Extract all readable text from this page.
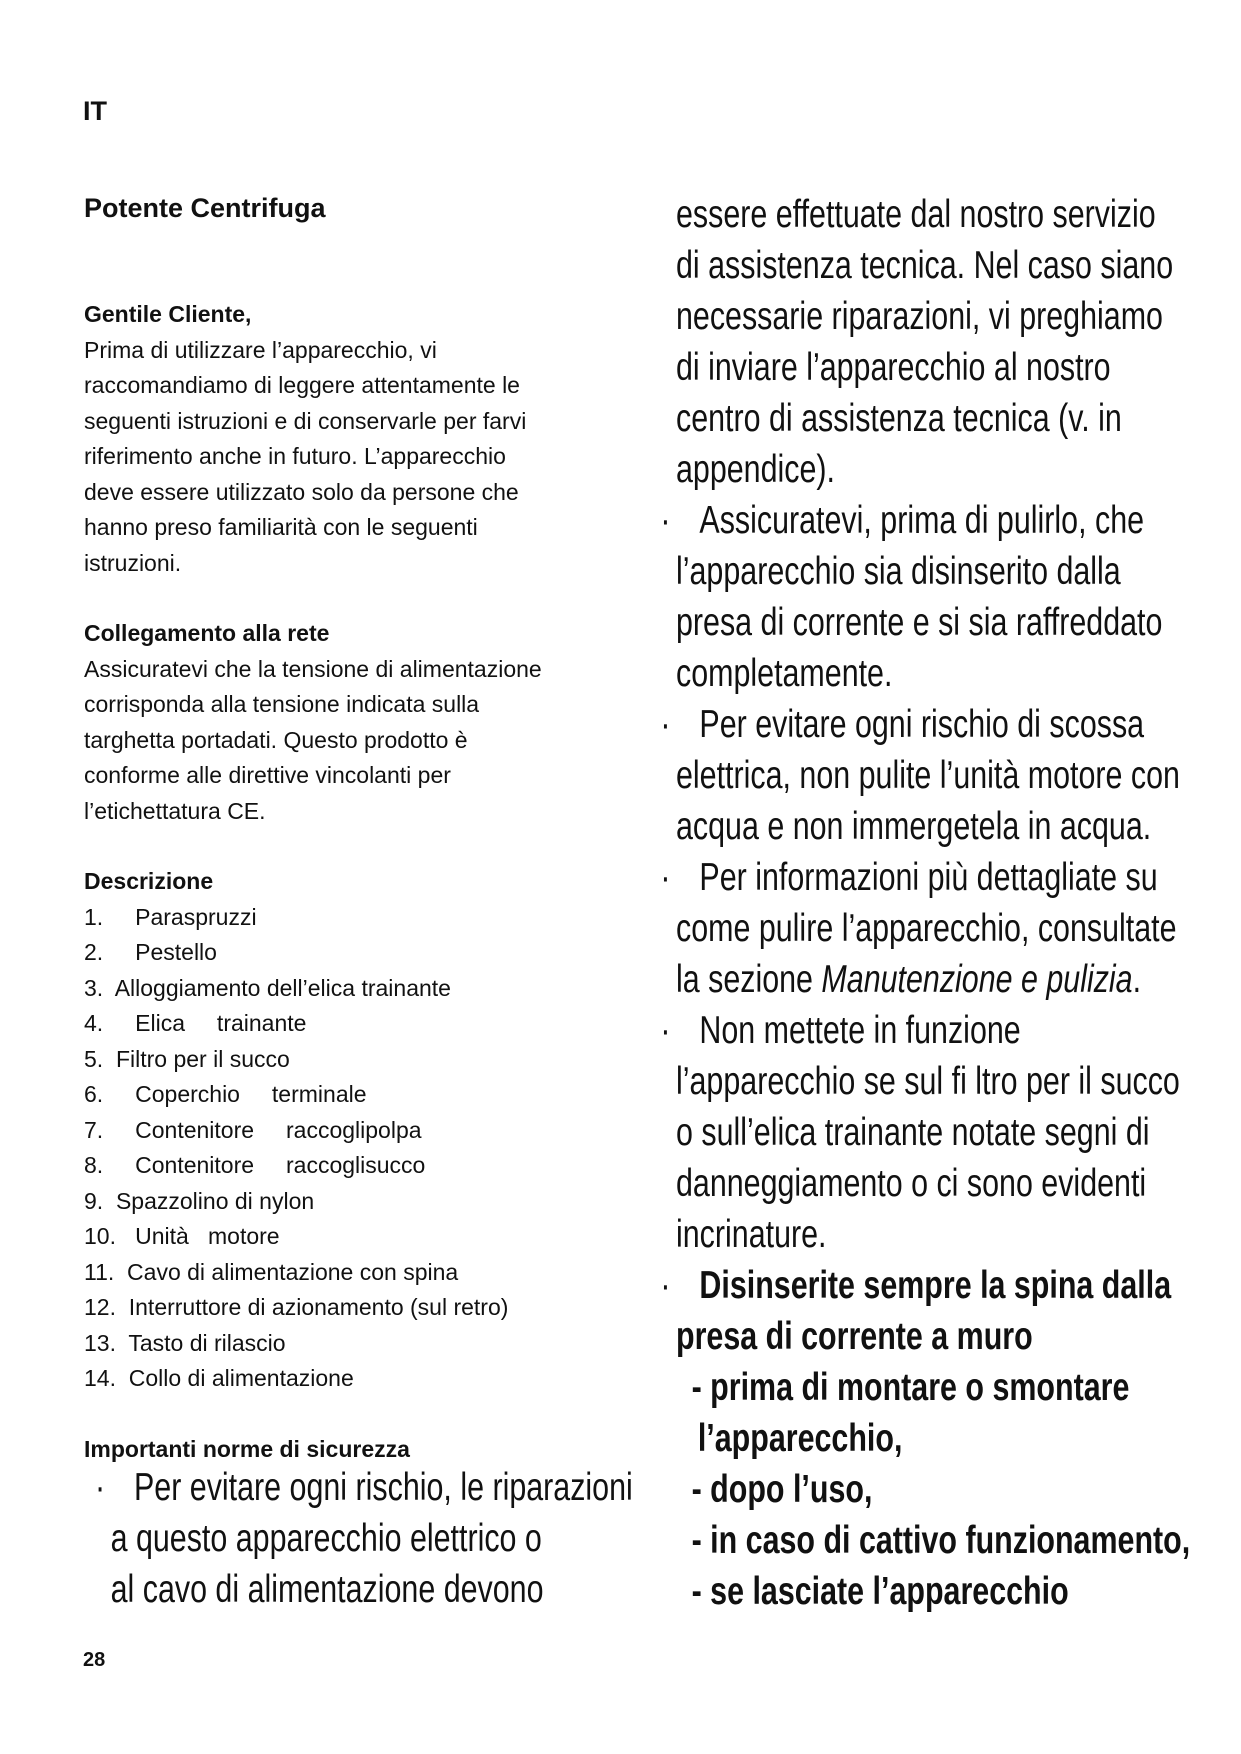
IT
Potente Centrifuga
Gentile Cliente,

Prima di utilizzare l’apparecchio, vi

raccomandiamo di leggere attentamente le

seguenti istruzioni e di conservarle per farvi

riferimento anche in futuro. L’apparecchio

deve essere utilizzato solo da persone che

hanno preso familiarità con le seguenti

istruzioni.

Collegamento alla rete

Assicuratevi che la tensione di alimentazione

corrisponda alla tensione indicata sulla

targhetta portadati. Questo prodotto è

conforme alle direttive vincolanti per

l’etichettatura CE.

Descrizione

1.     Paraspruzzi

2.     Pestello

3.  Alloggiamento dell’elica trainante

4.     Elica     trainante

5.  Filtro per il succo

6.     Coperchio     terminale

7.     Contenitore     raccoglipolpa

8.     Contenitore     raccoglisucco

9.  Spazzolino di nylon

10.   Unità   motore

11.  Cavo di alimentazione con spina

12.  Interruttore di azionamento (sul retro)

13.  Tasto di rilascio

14.  Collo di alimentazione

Importanti norme di sicurezza
· Per evitare ogni rischio, le riparazioni
a questo apparecchio elettrico o
al cavo di alimentazione devono

essere effettuate dal nostro servizio

di assistenza tecnica. Nel caso siano

necessarie riparazioni, vi preghiamo

di inviare l’apparecchio al nostro

centro di assistenza tecnica (v. in

appendice).

· Assicuratevi, prima di pulirlo, che

l’apparecchio sia disinserito dalla

presa di corrente e si sia raffreddato

completamente.

· Per evitare ogni rischio di scossa

elettrica, non pulite l’unità motore con

acqua e non immergetela in acqua.

· Per informazioni più dettagliate su

come pulire l’apparecchio, consultate

la sezione Manutenzione e pulizia.

· Non mettete in funzione

l’apparecchio se sul fi ltro per il succo

o sull’elica trainante notate segni di

danneggiamento o ci sono evidenti

incrinature.

· Disinserite sempre la spina dalla

presa di corrente a muro

- prima di montare o smontare

l’apparecchio,

- dopo l’uso,

- in caso di cattivo funzionamento,

- se lasciate l’apparecchio

28
